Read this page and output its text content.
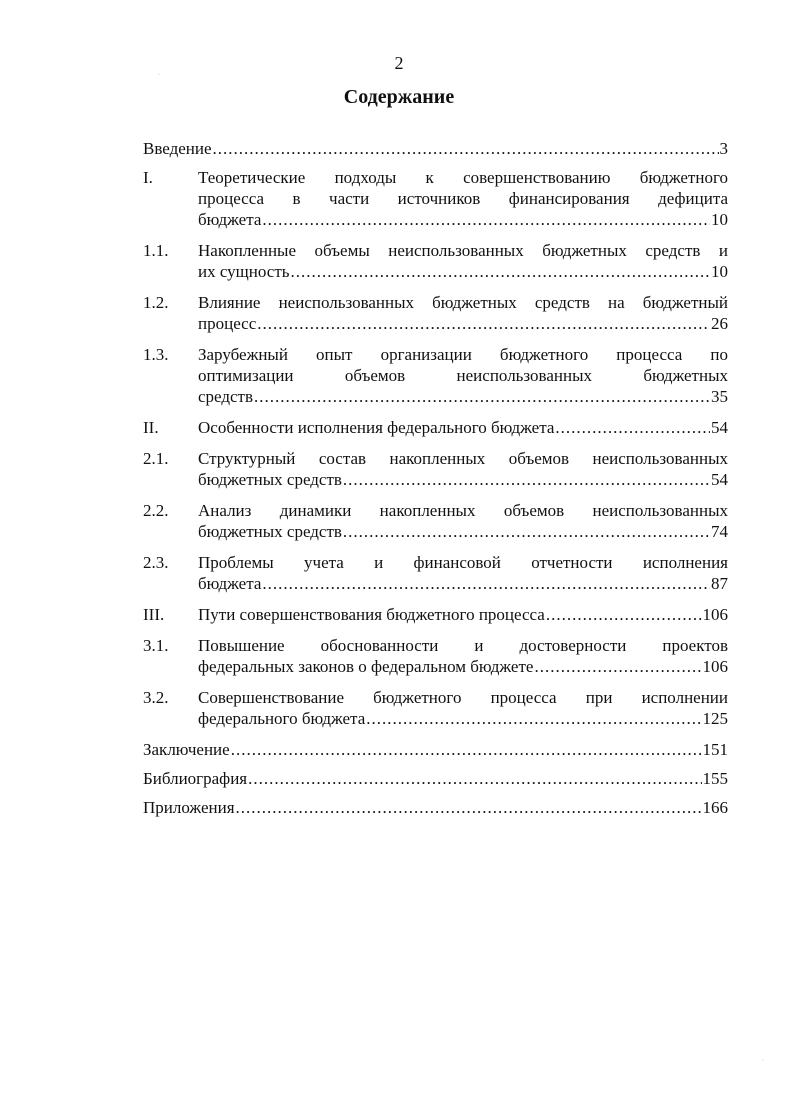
·
2
Содержание
Введение .....	3
I.	Теоретические подходы к совершенствованию бюджетного
процесса в части источников финансирования дефицита
бюджета .....	10
1.1. Накопленные объемы неиспользованных бюджетных средств и
их сущность .....	10
1.2. Влияние неиспользованных бюджетных средств на бюджетный
процесс .....	26
1.3. Зарубежный опыт организации бюджетного процесса по
оптимизации объемов неиспользованных бюджетных
средств .....	35
II. Особенности исполнения федерального бюджета .....	54
2.1. Структурный состав накопленных объемов неиспользованных
бюджетных средств .....	54
2.2. Анализ динамики накопленных объемов неиспользованных
бюджетных средств .....	74
2.3. Проблемы учета и финансовой отчетности исполнения
бюджета .....	87
III. Пути совершенствования бюджетного процесса .....	106
3.1. Повышение обоснованности и достоверности проектов
федеральных законов о федеральном бюджете .....	106
3.2. Совершенствование бюджетного процесса при исполнении
федерального бюджета .....	125
Заключение .....	151
Библиография .....	155
Приложения .....	166
·
